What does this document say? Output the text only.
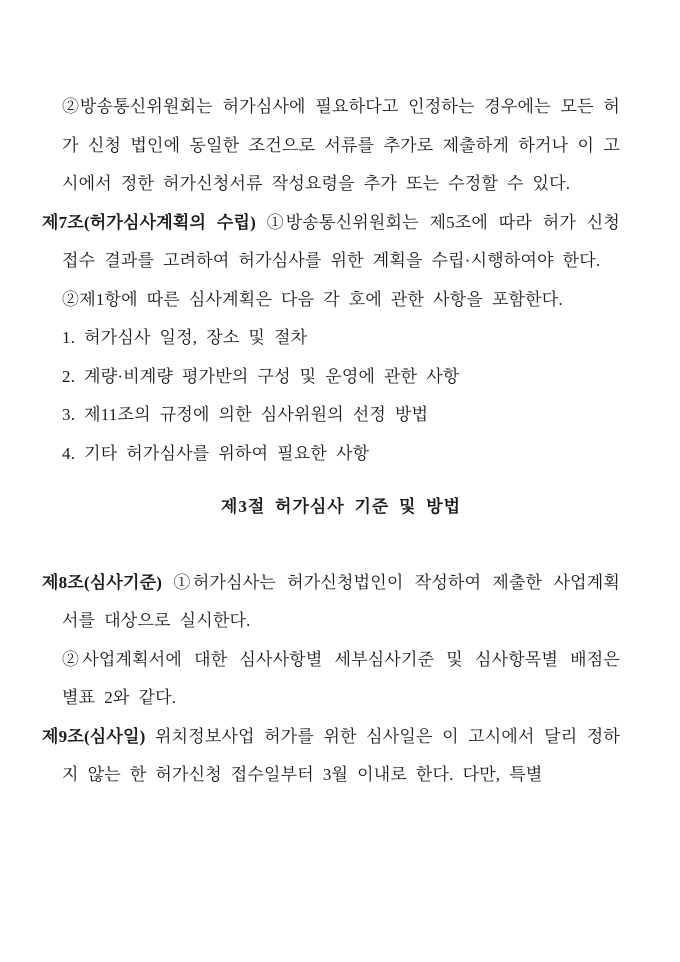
②방송통신위원회는 허가심사에 필요하다고 인정하는 경우에는 모든 허가 신청 법인에 동일한 조건으로 서류를 추가로 제출하게 하거나 이 고시에서 정한 허가신청서류 작성요령을 추가 또는 수정할 수 있다.

제7조(허가심사계획의 수립) ①방송통신위원회는 제5조에 따라 허가 신청접수 결과를 고려하여 허가심사를 위한 계획을 수립·시행하여야 한다.

②제1항에 따른 심사계획은 다음 각 호에 관한 사항을 포함한다.

1. 허가심사 일정, 장소 및 절차

2. 계량·비계량 평가반의 구성 및 운영에 관한 사항

3. 제11조의 규정에 의한 심사위원의 선정 방법

4. 기타 허가심사를 위하여 필요한 사항

제3절 허가심사 기준 및 방법

제8조(심사기준) ①허가심사는 허가신청법인이 작성하여 제출한 사업계획서를 대상으로 실시한다.

②사업계획서에 대한 심사사항별 세부심사기준 및 심사항목별 배점은 별표 2와 같다.

제9조(심사일) 위치정보사업 허가를 위한 심사일은 이 고시에서 달리 정하지 않는 한 허가신청 접수일부터 3월 이내로 한다. 다만, 특별
